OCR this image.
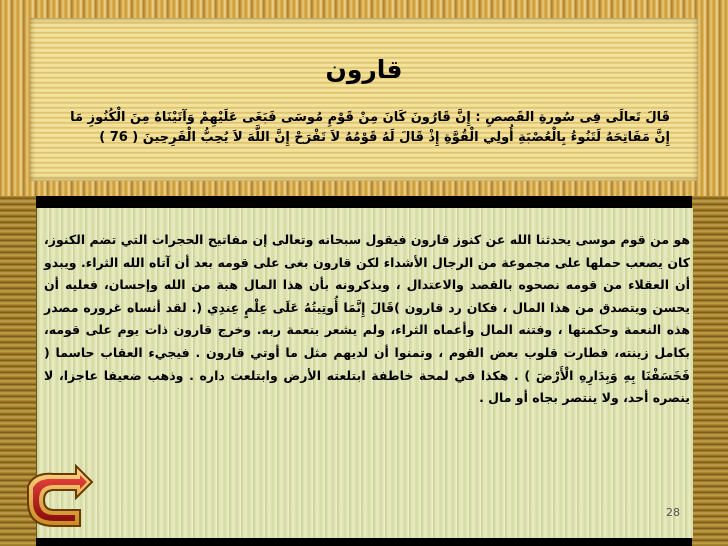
قارون
قَالَ تَعالَى فِى سُورةِ القَصصِ : إِنَّ قَارُونَ كَانَ مِنْ قَوْمِ مُوسَى فَبَغَى عَلَيْهِمْ وَآتَيْنَاهُ مِنَ الْكُنُوزِ مَا إِنَّ مَفَاتِحَهُ لَتَنُوءُ بِالْعُصْبَةِ أُولِي الْقُوَّةِ إِذْ قَالَ لَهُ قَوْمُهُ لاَ تَفْرَحْ إِنَّ اللَّهَ لاَ يُحِبُّ الْفَرِحِينَ ( 76 )
هو من قوم موسى يحدثنا الله عن كنوز قارون فيقول سبحانه وتعالى إن مفاتيح الحجرات التي تضم الكنوز، كان يصعب حملها على مجموعة من الرجال الأشداء لكن قارون بغى على قومه بعد أن آتاه الله الثراء. ويبدو أن العقلاء من قومه نصحوه بالقصد والاعتدال ، ويذكرونه بأن هذا المال هبة من الله وإحسان، فعليه أن يحسن ويتصدق من هذا المال ، فكان رد قارون )قَالَ إِنَّمَا أُوتِيتُهُ عَلَى عِلْمٍ عِندِي (. لقد أنساه غروره مصدر هذه النعمة وحكمتها ، وفتنه المال وأعماه الثراء، ولم يشعر بنعمة ربه. وخرج قارون ذات يوم على قومه، بكامل زينته، فطارت قلوب بعض القوم ، وتمنوا أن لديهم مثل ما أوتي قارون . فيجيء العقاب حاسما ( فَخَسَفْنَا بِهِ وَبِدَارِهِ الْأَرْضَ ) . هكذا في لمحة خاطفة ابتلعته الأرض وابتلعت داره . وذهب ضعيفا عاجزا، لا ينصره أحد، ولا ينتصر بجاه أو مال .
28
